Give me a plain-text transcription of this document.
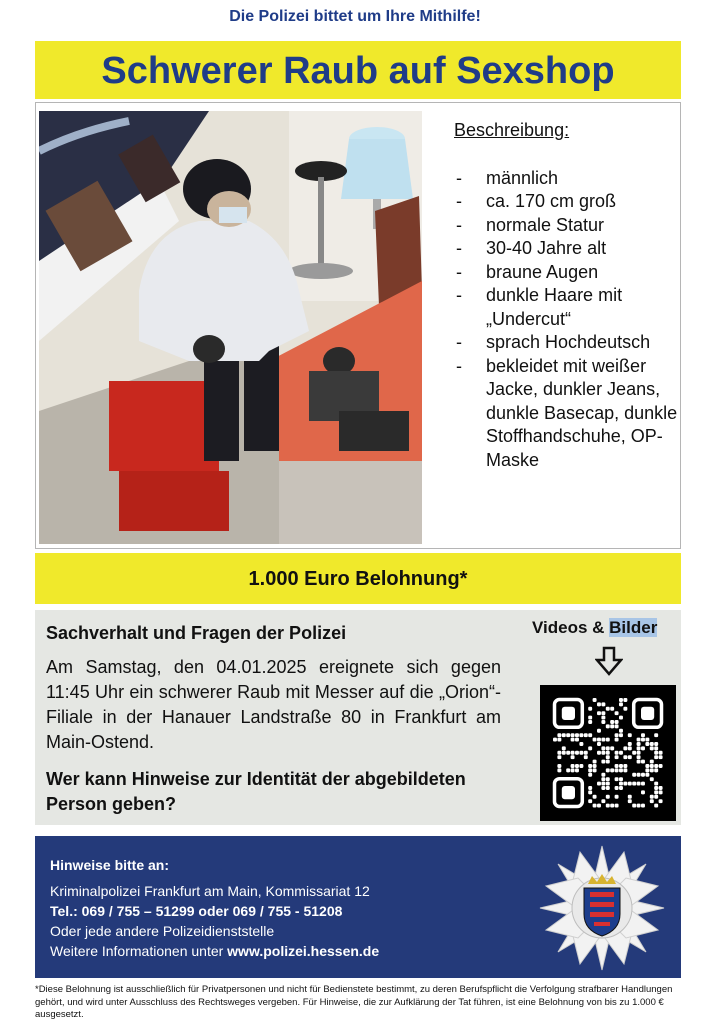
Die Polizei bittet um Ihre Mithilfe!
Schwerer Raub auf Sexshop
Beschreibung:
- männlich
- ca. 170 cm groß
- normale Statur
- 30-40 Jahre alt
- braune Augen
- dunkle Haare mit „Undercut“
- sprach Hochdeutsch
- bekleidet mit weißer Jacke, dunkler Jeans, dunkle Basecap, dunkle Stoffhandschuhe, OP-Maske
1.000 Euro Belohnung*
Sachverhalt und Fragen der Polizei
Am Samstag, den 04.01.2025 ereignete sich gegen 11:45 Uhr ein schwerer Raub mit Messer auf die „Orion“-Filiale in der Hanauer Landstraße 80 in Frankfurt am Main-Ostend.
Wer kann Hinweise zur Identität der abgebildeten Person geben?
Videos & Bilder
Hinweise bitte an:
Kriminalpolizei Frankfurt am Main, Kommissariat 12
Tel.: 069 / 755 – 51299 oder 069 / 755 - 51208
Oder jede andere Polizeidienststelle
Weitere Informationen unter www.polizei.hessen.de
*Diese Belohnung ist ausschließlich für Privatpersonen und nicht für Bedienstete bestimmt, zu deren Berufspflicht die Verfolgung strafbarer Handlungen gehört, und wird unter Ausschluss des Rechtsweges vergeben. Für Hinweise, die zur Aufklärung der Tat führen, ist eine Belohnung von bis zu 1.000 € ausgesetzt.
